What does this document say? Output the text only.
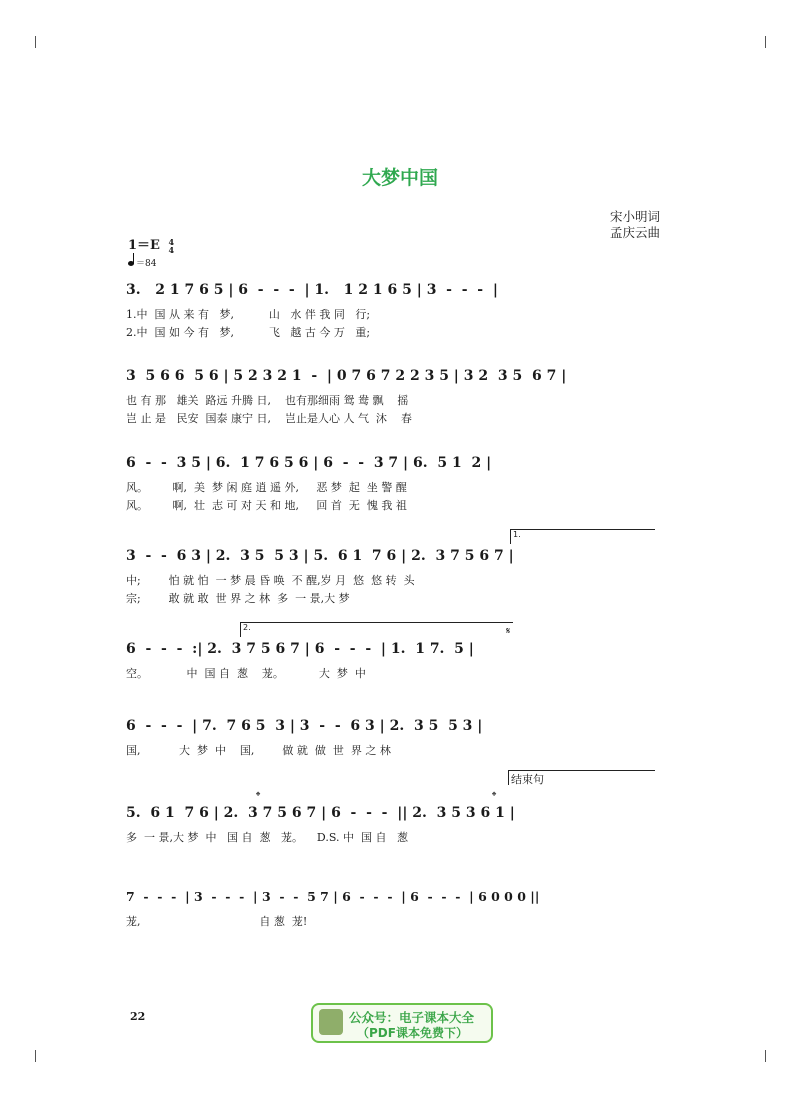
大梦中国
宋小明词
孟庆云曲
1＝E 4
4
＝84
3.   2 1 7 6 5 | 6  -  -  -  | 1.   1 2 1 6 5 | 3  -  -  -  |
1.中  国 从 来 有   梦,          山   水 伴 我 同   行;
2.中  国 如 今 有   梦,          飞   越 古 今 万   重;
3  5 6 6  5 6 | 5 2 3 2 1  -  | 0 7 6 7 2 2 3 5 | 3 2  3 5  6 7 |
也 有 那   雄关  路远 升腾 日,    也有那细雨 鸳 鸯 飘    摇
岂 止 是   民安  国泰 康宁 日,    岂止是人心 人 气  沐    春
6  -  -  3 5 | 6.  1 7 6 5 6 | 6  -  -  3 7 | 6.  5 1  2 |
风。       啊,  美  梦 闲 庭 逍 遥 外,     恶 梦  起  坐 警 醒
风。       啊,  壮  志 可 对 天 和 地,     回 首  无  愧 我 祖
1.
3  -  -  6 3 | 2.  3 5  5 3 | 5.  6 1  7 6 | 2.  3 7 5 6 7 |
中;        怕 就 怕  一 梦 晨 昏 唤  不 醒,岁 月  悠  悠 转  头
宗;        敢 就 敢  世 界 之 林  多  一 景,大 梦
2.	𝄋
6  -  -  -  :| 2.  3 7 5 6 7 | 6  -  -  -  | 1.  1 7.  5 |
空。           中  国 自  葱    茏。          大  梦  中
6  -  -  -  | 7.  7 6 5  3 | 3  -  -  6 3 | 2.  3 5  5 3 |
国,           大  梦  中    国,        做 就  做  世  界 之 林
𝄌	𝄌
结束句
5.  6 1  7 6 | 2.  3 7 5 6 7 | 6  -  -  -  || 2.  3 5 3 6 1 |
多  一 景,大 梦  中   国 自  葱   茏。    D.S. 中  国 自   葱
7  -  -  -  | 3  -  -  -  | 3  -  -  5 7 | 6  -  -  -  | 6  -  -  -  | 6 0 0 0 ||
茏,                                  自 葱  茏!
22	公众号：电子课本大全
（PDF课本免费下）
